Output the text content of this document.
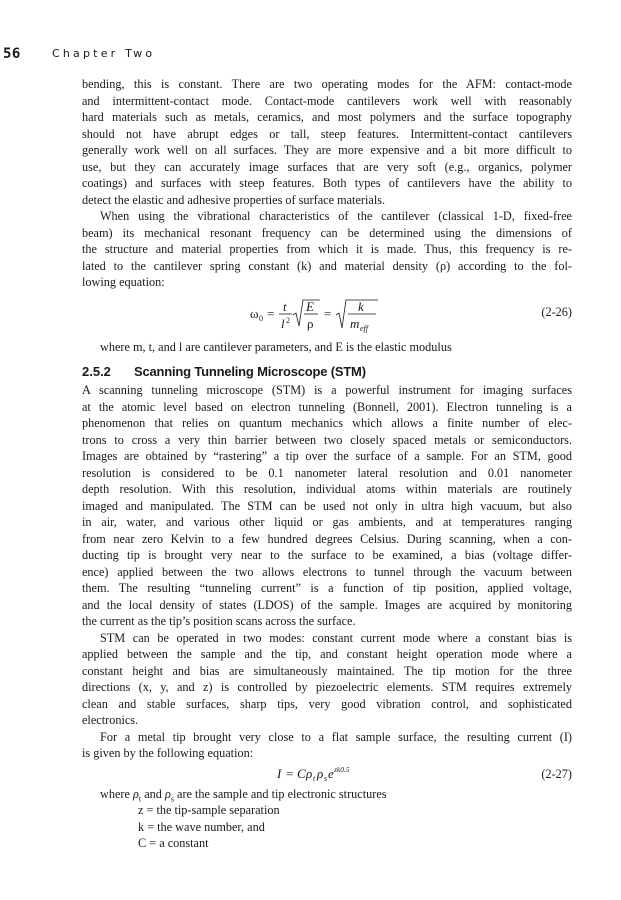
56	Chapter Two
bending, this is constant. There are two operating modes for the AFM: contact-mode
and intermittent-contact mode. Contact-mode cantilevers work well with reasonably
hard materials such as metals, ceramics, and most polymers and the surface topography
should not have abrupt edges or tall, steep features. Intermittent-contact cantilevers
generally work well on all surfaces. They are more expensive and a bit more difficult to
use, but they can accurately image surfaces that are very soft (e.g., organics, polymer
coatings) and surfaces with steep features. Both types of cantilevers have the ability to
detect the elastic and adhesive properties of surface materials.
When using the vibrational characteristics of the cantilever (classical 1-D, fixed-free
beam) its mechanical resonant frequency can be determined using the dimensions of
the structure and material properties from which it is made. Thus, this frequency is re-
lated to the cantilever spring constant (k) and material density (ρ) according to the fol-
lowing equation:
ω 0 = t
l 2
E
ρ
= k
m eff
(2-26)
where m, t, and l are cantilever parameters, and E is the elastic modulus
2.5.2 Scanning Tunneling Microscope (STM)
A scanning tunneling microscope (STM) is a powerful instrument for imaging surfaces
at the atomic level based on electron tunneling (Bonnell, 2001). Electron tunneling is a
phenomenon that relies on quantum mechanics which allows a finite number of elec-
trons to cross a very thin barrier between two closely spaced metals or semiconductors.
Images are obtained by “rastering” a tip over the surface of a sample. For an STM, good
resolution is considered to be 0.1 nanometer lateral resolution and 0.01 nanometer
depth resolution. With this resolution, individual atoms within materials are routinely
imaged and manipulated. The STM can be used not only in ultra high vacuum, but also
in air, water, and various other liquid or gas ambients, and at temperatures ranging
from near zero Kelvin to a few hundred degrees Celsius. During scanning, when a con-
ducting tip is brought very near to the surface to be examined, a bias (voltage differ-
ence) applied between the two allows electrons to tunnel through the vacuum between
them. The resulting “tunneling current” is a function of tip position, applied voltage,
and the local density of states (LDOS) of the sample. Images are acquired by monitoring
the current as the tip’s position scans across the surface.
STM can be operated in two modes: constant current mode where a constant bias is
applied between the sample and the tip, and constant height operation mode where a
constant height and bias are simultaneously maintained. The tip motion for the three
directions (x, y, and z) is controlled by piezoelectric elements. STM requires extremely
clean and stable surfaces, sharp tips, very good vibration control, and sophisticated
electronics.
For a metal tip brought very close to a flat sample surface, the resulting current (I)
is given by the following equation:
I = C ρ t ρ s e zk0.5	(2-27)
where $\rho_t$ and $\rho_s$ are the sample and tip electronic structures
z = the tip-sample separation
k = the wave number, and
C = a constant
